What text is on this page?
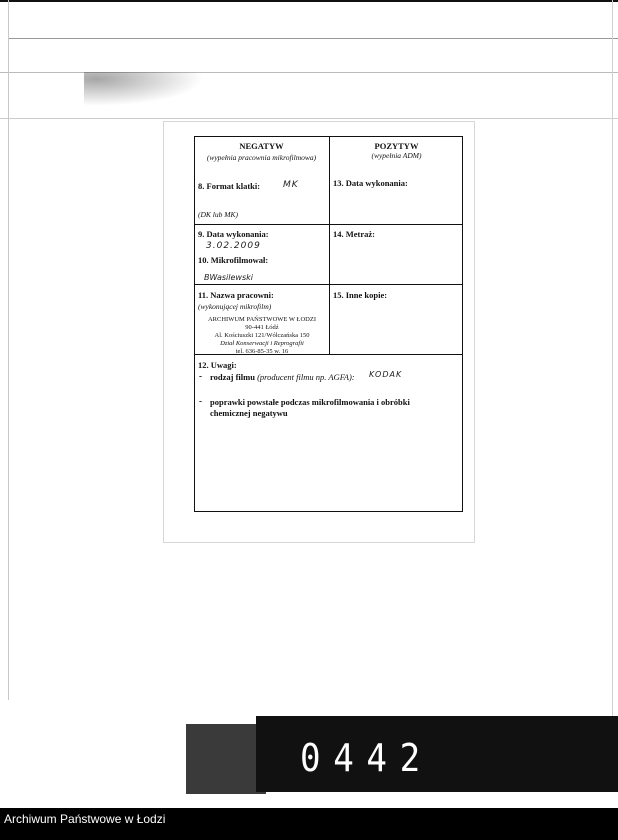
NEGATYW
(wypełnia pracownia mikrofilmowa)
POZYTYW
(wypełnia ADM)
8. Format klatki:	MK
(DK lub MK)
13. Data wykonania:
9. Data wykonania:
3.02.2009
10. Mikrofilmował:
BWasilewski
14. Metraż:
11. Nazwa pracowni:
(wykonującej mikrofilm)
ARCHIWUM PAŃSTWOWE W ŁODZI
90-441 Łódź
Al. Kościuszki 121/Wólczańska 150
Dział Konserwacji i Reprografii
tel. 636-85-35 w. 16
15. Inne kopie:
12. Uwagi:
- rodzaj filmu (producent filmu np. AGFA): KODAK
- poprawki powstałe podczas mikrofilmowania i obróbki
chemicznej negatywu
0442
Archiwum Państwowe w Łodzi
